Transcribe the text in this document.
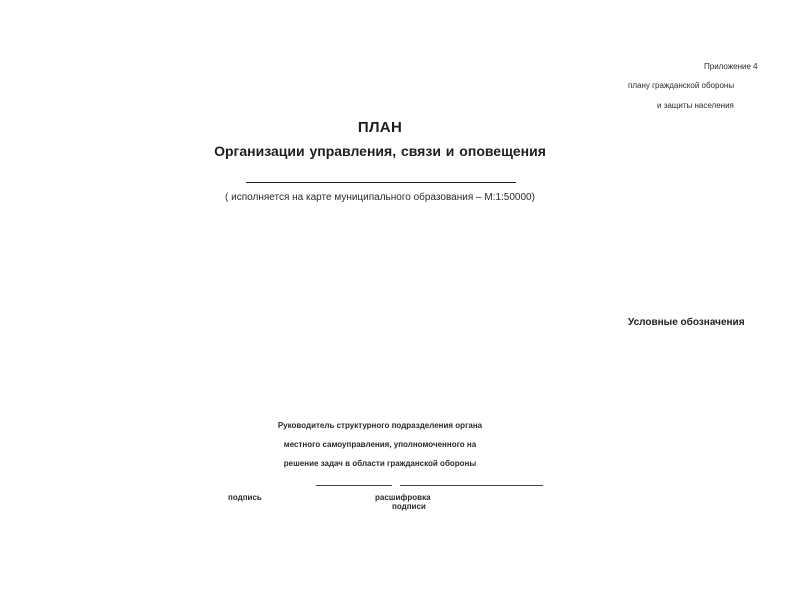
Приложение 4
плану гражданской обороны
и защиты населения
ПЛАН
Организации управления, связи и оповещения
( исполняется на карте муниципального образования – М:1:50000)
Условные обозначения
Руководитель структурного подразделения органа
местного самоуправления, уполномоченного на
решение задач в области гражданской обороны
подпись	расшифровка
подписи
